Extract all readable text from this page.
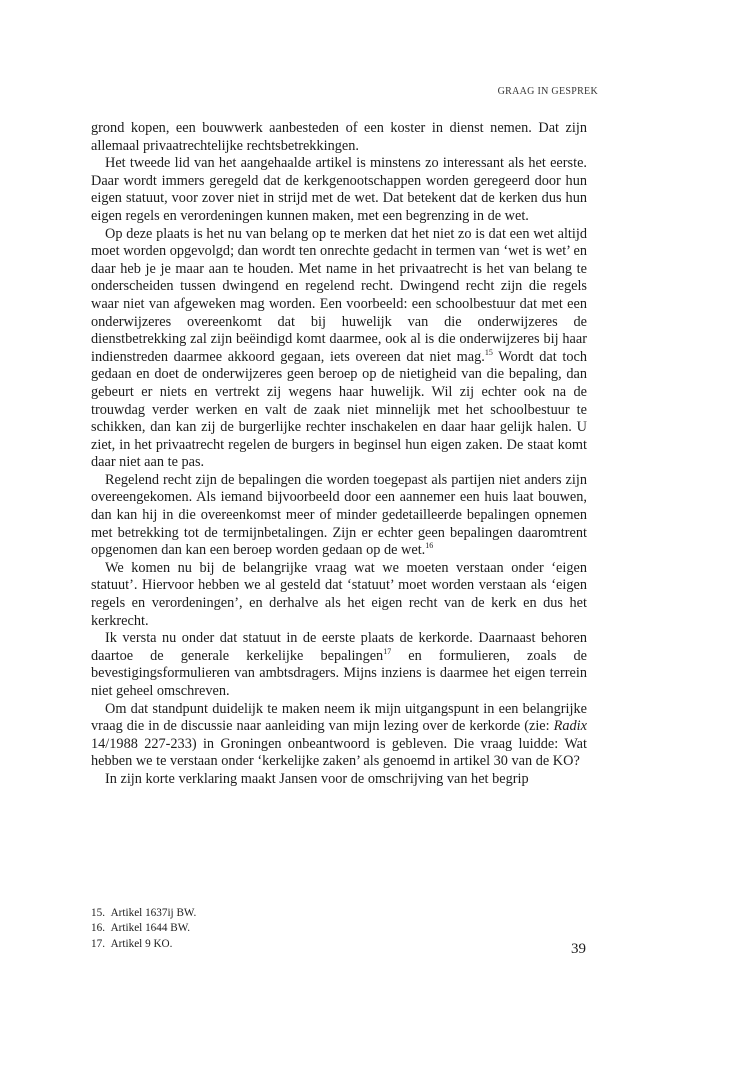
GRAAG IN GESPREK

grond kopen, een bouwwerk aanbesteden of een koster in dienst nemen. Dat zijn allemaal privaatrechtelijke rechtsbetrekkingen.

Het tweede lid van het aangehaalde artikel is minstens zo interessant als het eerste. Daar wordt immers geregeld dat de kerkgenootschappen worden geregeerd door hun eigen statuut, voor zover niet in strijd met de wet. Dat betekent dat de kerken dus hun eigen regels en verordeningen kunnen maken, met een begrenzing in de wet.

Op deze plaats is het nu van belang op te merken dat het niet zo is dat een wet altijd moet worden opgevolgd; dan wordt ten onrechte gedacht in termen van ‘wet is wet’ en daar heb je je maar aan te houden. Met name in het privaatrecht is het van belang te onderscheiden tussen dwingend en regelend recht. Dwingend recht zijn die regels waar niet van afgeweken mag worden. Een voorbeeld: een schoolbestuur dat met een onderwijzeres overeenkomt dat bij huwelijk van die onderwijzeres de dienstbetrekking zal zijn beëindigd komt daarmee, ook al is die onderwijzeres bij haar indienstreden daarmee akkoord gegaan, iets overeen dat niet mag.$^{15}$ Wordt dat toch gedaan en doet de onderwijzeres geen beroep op de nietigheid van die bepaling, dan gebeurt er niets en vertrekt zij wegens haar huwelijk. Wil zij echter ook na de trouwdag verder werken en valt de zaak niet minnelijk met het schoolbestuur te schikken, dan kan zij de burgerlijke rechter inschakelen en daar haar gelijk halen. U ziet, in het privaatrecht regelen de burgers in beginsel hun eigen zaken. De staat komt daar niet aan te pas.

Regelend recht zijn de bepalingen die worden toegepast als partijen niet anders zijn overeengekomen. Als iemand bijvoorbeeld door een aannemer een huis laat bouwen, dan kan hij in die overeenkomst meer of minder gedetailleerde bepalingen opnemen met betrekking tot de termijnbetalingen. Zijn er echter geen bepalingen daaromtrent opgenomen dan kan een beroep worden gedaan op de wet.$^{16}$

We komen nu bij de belangrijke vraag wat we moeten verstaan onder ‘eigen statuut’. Hiervoor hebben we al gesteld dat ‘statuut’ moet worden verstaan als ‘eigen regels en verordeningen’, en derhalve als het eigen recht van de kerk en dus het kerkrecht.

Ik versta nu onder dat statuut in de eerste plaats de kerkorde. Daarnaast behoren daartoe de generale kerkelijke bepalingen$^{17}$ en formulieren, zoals de bevestigingsformulieren van ambtsdragers. Mijns inziens is daarmee het eigen terrein niet geheel omschreven.

Om dat standpunt duidelijk te maken neem ik mijn uitgangspunt in een belangrijke vraag die in de discussie naar aanleiding van mijn lezing over de kerkorde (zie: Radix 14/1988 227-233) in Groningen onbeantwoord is gebleven. Die vraag luidde: Wat hebben we te verstaan onder ‘kerkelijke zaken’ als genoemd in artikel 30 van de KO?

In zijn korte verklaring maakt Jansen voor de omschrijving van het begrip

15.  Artikel 1637ij BW.

16.  Artikel 1644 BW.

17.  Artikel 9 KO.	39
